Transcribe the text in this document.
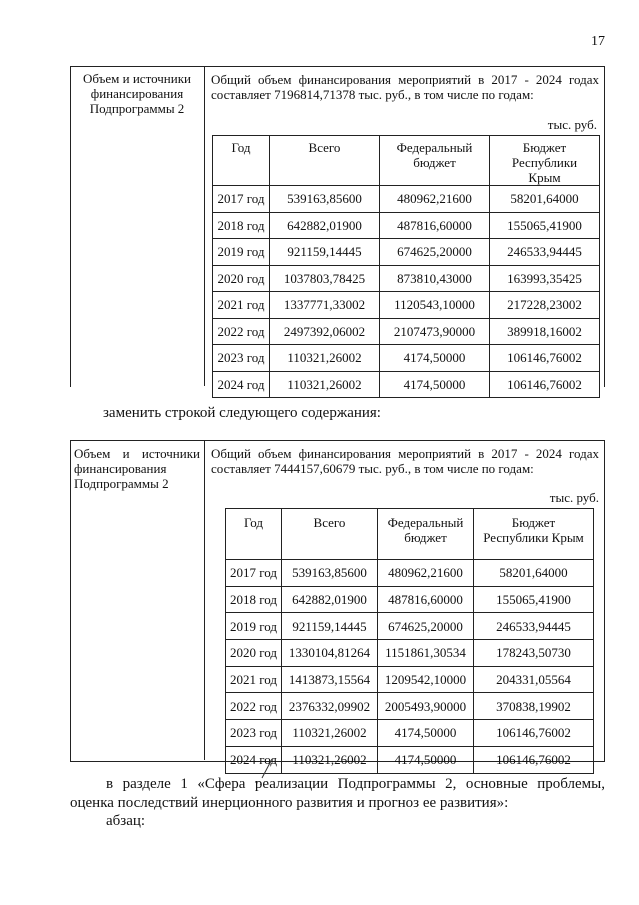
17
Объем и источники
финансирования
Подпрограммы 2
Общий объем финансирования мероприятий в 2017 - 2024 годах составляет 7196814,71378 тыс. руб., в том числе по годам:
тыс. руб.
Год	Всего	Федеральный бюджет	Бюджет Республики Крым
2017 год	539163,85600	480962,21600	58201,64000
2018 год	642882,01900	487816,60000	155065,41900
2019 год	921159,14445	674625,20000	246533,94445
2020 год	1037803,78425	873810,43000	163993,35425
2021 год	1337771,33002	1120543,10000	217228,23002
2022 год	2497392,06002	2107473,90000	389918,16002
2023 год	110321,26002	4174,50000	106146,76002
2024 год	110321,26002	4174,50000	106146,76002
заменить строкой следующего содержания:
Объем и источники
финансирования
Подпрограммы 2
Общий объем финансирования мероприятий в 2017 - 2024 годах составляет 7444157,60679 тыс. руб., в том числе по годам:
тыс. руб.
Год	Всего	Федеральный бюджет	Бюджет Республики Крым
2017 год	539163,85600	480962,21600	58201,64000
2018 год	642882,01900	487816,60000	155065,41900
2019 год	921159,14445	674625,20000	246533,94445
2020 год	1330104,81264	1151861,30534	178243,50730
2021 год	1413873,15564	1209542,10000	204331,05564
2022 год	2376332,09902	2005493,90000	370838,19902
2023 год	110321,26002	4174,50000	106146,76002
2024 год	110321,26002	4174,50000	106146,76002
в разделе 1 «Сфера реализации Подпрограммы 2, основные проблемы, оценка последствий инерционного развития и прогноз ее развития»:
абзац:
